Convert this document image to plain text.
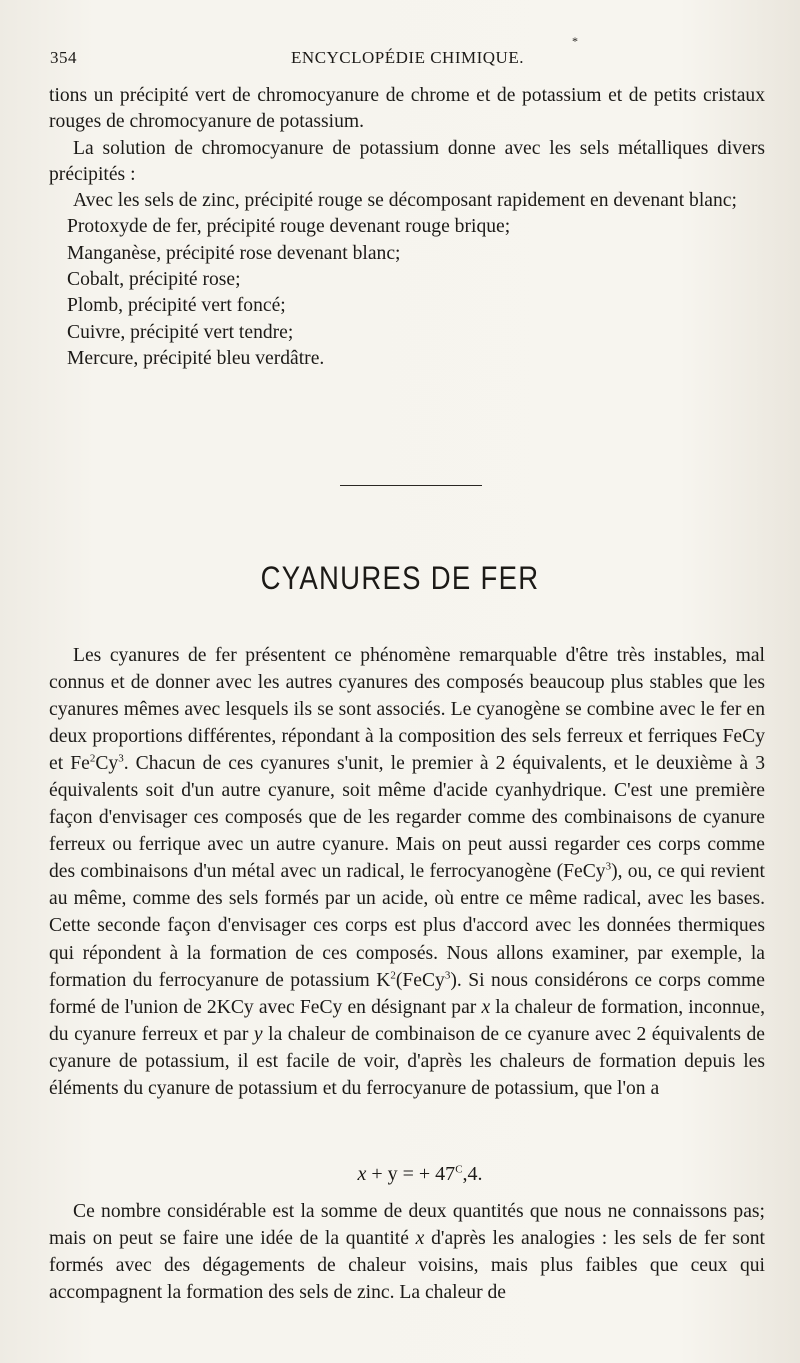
354	ENCYCLOPÉDIE CHIMIQUE.
*

tions un précipité vert de chromocyanure de chrome et de potassium et de petits cristaux rouges de chromocyanure de potassium.

La solution de chromocyanure de potassium donne avec les sels métalliques divers précipités :

Avec les sels de zinc, précipité rouge se décomposant rapidement en devenant blanc;

Protoxyde de fer, précipité rouge devenant rouge brique;

Manganèse, précipité rose devenant blanc;

Cobalt, précipité rose;

Plomb, précipité vert foncé;

Cuivre, précipité vert tendre;

Mercure, précipité bleu verdâtre.

CYANURES DE FER

Les cyanures de fer présentent ce phénomène remarquable d'être très instables, mal connus et de donner avec les autres cyanures des composés beaucoup plus stables que les cyanures mêmes avec lesquels ils se sont associés. Le cyanogène se combine avec le fer en deux proportions différentes, répondant à la composition des sels ferreux et ferriques FeCy et Fe$^2$Cy$^3$. Chacun de ces cyanures s'unit, le premier à 2 équivalents, et le deuxième à 3 équivalents soit d'un autre cyanure, soit même d'acide cyanhydrique. C'est une première façon d'envisager ces composés que de les regarder comme des combinaisons de cyanure ferreux ou ferrique avec un autre cyanure. Mais on peut aussi regarder ces corps comme des combinaisons d'un métal avec un radical, le ferrocyanogène (FeCy$^3$), ou, ce qui revient au même, comme des sels formés par un acide, où entre ce même radical, avec les bases. Cette seconde façon d'envisager ces corps est plus d'accord avec les données thermiques qui répondent à la formation de ces composés. Nous allons examiner, par exemple, la formation du ferrocyanure de potassium $K^2(FeCy^3)$. Si nous considérons ce corps comme formé de l'union de 2KCy avec FeCy en désignant par x la chaleur de formation, inconnue, du cyanure ferreux et par y la chaleur de combinaison de ce cyanure avec 2 équivalents de cyanure de potassium, il est facile de voir, d'après les chaleurs de formation depuis les éléments du cyanure de potassium et du ferrocyanure de potassium, que l'on a

x + y = + $47^C,4$.

Ce nombre considérable est la somme de deux quantités que nous ne connaissons pas; mais on peut se faire une idée de la quantité x d'après les analogies : les sels de fer sont formés avec des dégagements de chaleur voisins, mais plus faibles que ceux qui accompagnent la formation des sels de zinc. La chaleur de
